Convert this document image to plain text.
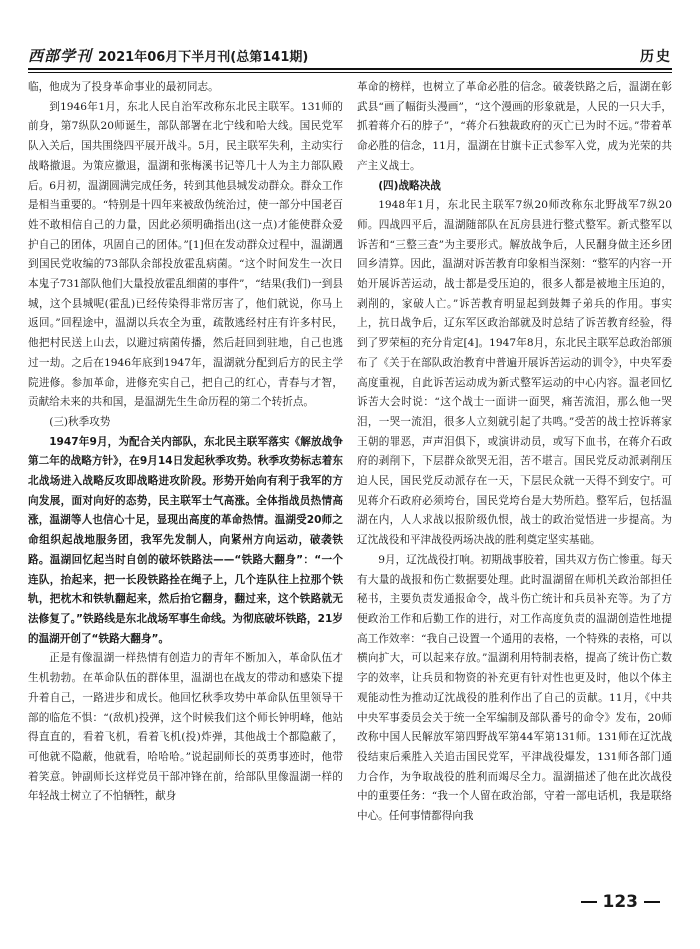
西部学刊 2021年06月下半月刊(总第141期)	历史

临，他成为了投身革命事业的最初同志。

到1946年1月，东北人民自治军改称东北民主联军。131师的前身，第7纵队20师诞生，部队部署在北宁线和哈大线。国民党军队入关后，国共围绕四平展开战斗。5月，民主联军失利，主动实行战略撤退。为策应撤退，温湖和张梅溪书记等几十人为主力部队殿后。6月初，温湖圆满完成任务，转到其他县城发动群众。群众工作是相当重要的。“特别是十四年来被敌伪统治过，使一部分中国老百姓不敢相信自己的力量，因此必须明确指出(这一点)才能使群众爱护自己的团体，巩固自己的团体。”[1]但在发动群众过程中，温湖遇到国民党收编的73部队余部投放霍乱病菌。“这个时间发生一次日本鬼子731部队他们大量投放霍乱细菌的事件”，“结果(我们)一到县城，这个县城呢(霍乱)已经传染得非常厉害了，他们就说，你马上返回。”回程途中，温湖以兵农全为重，疏散逃经村庄有许多村民，他把村民送上山去，以避过病菌传播，然后赶回到驻地，自己也逃过一劫。之后在1946年底到1947年，温湖就分配到后方的民主学院进修。参加革命，进修充实自己，把自己的红心，青春与才智，贡献给未来的共和国，是温湖先生生命历程的第二个转折点。

(三)秋季攻势

1947年9月，为配合关内部队，东北民主联军落实《解放战争第二年的战略方针》，在9月14日发起秋季攻势。秋季攻势标志着东北战场进入战略反攻即战略进攻阶段。形势开始向有利于我军的方向发展，面对向好的态势，民主联军士气高涨。全体指战员热情高涨，温湖等人也信心十足，显现出高度的革命热情。温湖受20师之命组织起战地服务团，我军先发制人，向紧州方向运动，破袭铁路。温湖回忆起当时自创的破坏铁路法——“铁路大翻身”：“一个连队，抬起来，把一长段铁路拴在绳子上，几个连队往上拉那个铁轨，把枕木和铁轨翻起来，然后抬它翻身，翻过来，这个铁路就无法修复了。”铁路线是东北战场军事生命线。为彻底破坏铁路，21岁的温湖开创了“铁路大翻身”。

正是有像温湖一样热情有创造力的青年不断加入，革命队伍才生机勃勃。在革命队伍的群体里，温湖也在战友的带动和感染下提升着自己，一路进步和成长。他回忆秋季攻势中革命队伍里领导干部的临危不惧：“(敌机)投弹，这个时候我们这个师长钟明峰，他站得直直的，看着飞机，看着飞机(投)炸弹，其他战士个都隐蔽了，可他就不隐蔽，他就看，哈哈哈。”说起副师长的英勇事迹时，他带着笑意。钟副师长这样党员干部冲锋在前，给部队里像温湖一样的年轻战士树立了不怕牺牲，献身

革命的榜样，也树立了革命必胜的信念。破袭铁路之后，温湖在彰武县“画了幅街头漫画”，“这个漫画的形象就是，人民的一只大手，抓着蒋介石的脖子”，“蒋介石独裁政府的灭亡已为时不远。”带着革命必胜的信念，11月，温湖在甘旗卡正式参军入党，成为光荣的共产主义战士。

(四)战略决战

1948年1月，东北民主联军7纵20师改称东北野战军7纵20师。四战四平后，温湖随部队在瓦房县进行整式整军。新式整军以诉苦和“三整三查”为主要形式。解放战争后，人民翻身做主还乡团回乡清算。因此，温湖对诉苦教育印象相当深刻：“整军的内容一开始开展诉苦运动，战士都是受压迫的，很多人都是被地主压迫的，剥削的，家破人亡。”诉苦教育明显起到鼓舞子弟兵的作用。事实上，抗日战争后，辽东军区政治部就及时总结了诉苦教育经验，得到了罗荣桓的充分肯定[4]。1947年8月，东北民主联军总政治部颁布了《关于在部队政治教育中普遍开展诉苦运动的训令》，中央军委高度重视，自此诉苦运动成为新式整军运动的中心内容。温老回忆诉苦大会时说：“这个战士一面讲一面哭，痛苦流泪，那么他一哭泪，一哭一流泪，很多人立刻就引起了共鸣。”受苦的战士控诉蒋家王朝的罪恶，声声泪俱下，或演讲动员，或写下血书，在蒋介石政府的剥削下，下层群众欲哭无泪，苦不堪言。国民党反动派剥削压迫人民，国民党反动派存在一天，下层民众就一天得不到安宁。可见蒋介石政府必须垮台，国民党垮台是大势所趋。整军后，包括温湖在内，人人求战以报阶级仇恨，战士的政治觉悟进一步提高。为辽沈战役和平津战役两场决战的胜利奠定坚实基础。

9月，辽沈战役打响。初期战事胶着，国共双方伤亡惨重。每天有大量的战报和伤亡数据要处理。此时温湖留在师机关政治部担任秘书，主要负责发通报命令，战斗伤亡统计和兵员补充等。为了方便政治工作和后勤工作的进行，对工作高度负责的温湖创造性地提高工作效率：“我自己设置一个通用的表格，一个特殊的表格，可以横向扩大，可以起来存放。”温湖利用特制表格，提高了统计伤亡数字的效率，让兵员和物资的补充更有针对性也更及时，他以个体主观能动性为推动辽沈战役的胜利作出了自己的贡献。11月，《中共中央军事委员会关于统一全军编制及部队番号的命令》发布，20师改称中国人民解放军第四野战军第44军第131师。131师在辽沈战役结束后乘胜入关追击国民党军，平津战役爆发，131师各部门通力合作，为争取战役的胜利而竭尽全力。温湖描述了他在此次战役中的重要任务：“我一个人留在政治部，守着一部电话机，我是联络中心。任何事情都得向我

123
